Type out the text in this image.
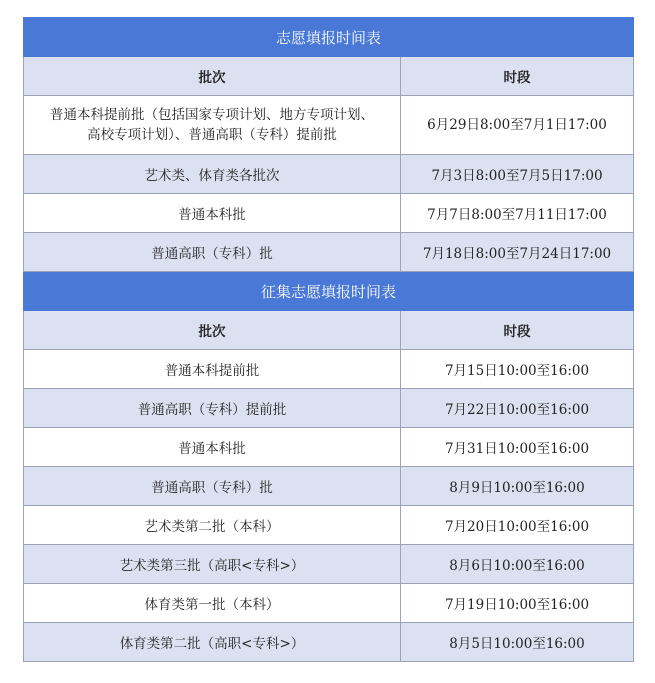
志愿填报时间表	
批次	时段
普通本科提前批（包括国家专项计划、地方专项计划、
高校专项计划）、普通高职（专科）提前批	6月29日8:00至7月1日17:00
艺术类、体育类各批次	7月3日8:00至7月5日17:00
普通本科批	7月7日8:00至7月11日17:00
普通高职（专科）批	7月18日8:00至7月24日17:00
征集志愿填报时间表	
批次	时段
普通本科提前批	7月15日10:00至16:00
普通高职（专科）提前批	7月22日10:00至16:00
普通本科批	7月31日10:00至16:00
普通高职（专科）批	8月9日10:00至16:00
艺术类第二批（本科）	7月20日10:00至16:00
艺术类第三批（高职<专科>）	8月6日10:00至16:00
体育类第一批（本科）	7月19日10:00至16:00
体育类第二批（高职<专科>）	8月5日10:00至16:00
